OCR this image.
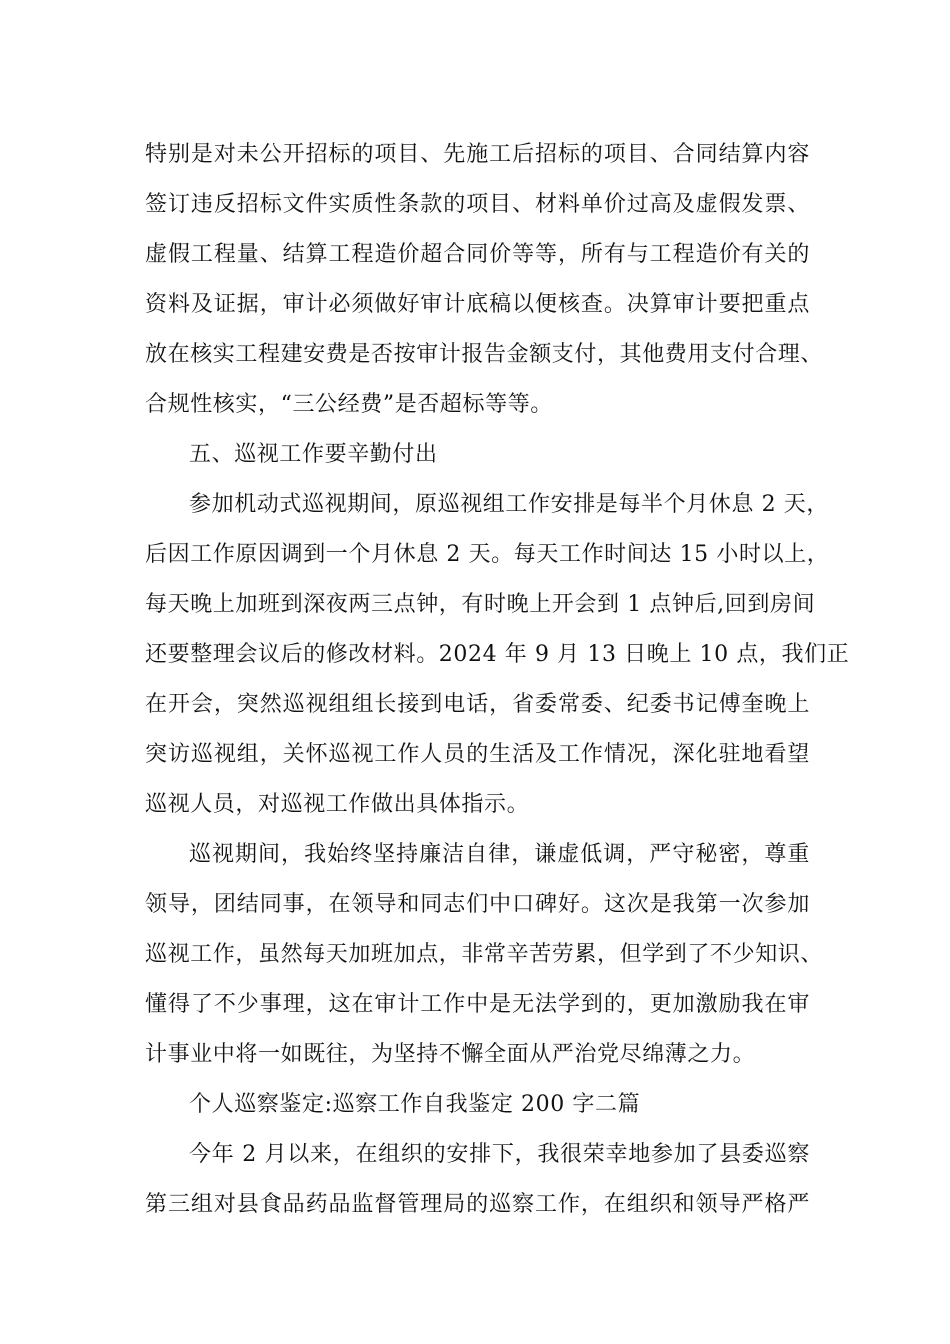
特别是对未公开招标的项目、先施工后招标的项目、合同结算内容
签订违反招标文件实质性条款的项目、材料单价过高及虚假发票、
虚假工程量、结算工程造价超合同价等等，所有与工程造价有关的
资料及证据，审计必须做好审计底稿以便核查。决算审计要把重点
放在核实工程建安费是否按审计报告金额支付，其他费用支付合理、
合规性核实，“三公经费”是否超标等等。
五、巡视工作要辛勤付出
参加机动式巡视期间，原巡视组工作安排是每半个月休息 2 天，
后因工作原因调到一个月休息 2 天。每天工作时间达 15 小时以上，
每天晚上加班到深夜两三点钟，有时晚上开会到 1 点钟后,回到房间
还要整理会议后的修改材料。2024 年 9 月 13 日晚上 10 点，我们正
在开会，突然巡视组组长接到电话，省委常委、纪委书记傅奎晚上
突访巡视组，关怀巡视工作人员的生活及工作情况，深化驻地看望
巡视人员，对巡视工作做出具体指示。
巡视期间，我始终坚持廉洁自律，谦虚低调，严守秘密，尊重
领导，团结同事，在领导和同志们中口碑好。这次是我第一次参加
巡视工作，虽然每天加班加点，非常辛苦劳累，但学到了不少知识、
懂得了不少事理，这在审计工作中是无法学到的，更加激励我在审
计事业中将一如既往，为坚持不懈全面从严治党尽绵薄之力。
个人巡察鉴定:巡察工作自我鉴定 200 字二篇
今年 2 月以来，在组织的安排下，我很荣幸地参加了县委巡察
第三组对县食品药品监督管理局的巡察工作，在组织和领导严格严
